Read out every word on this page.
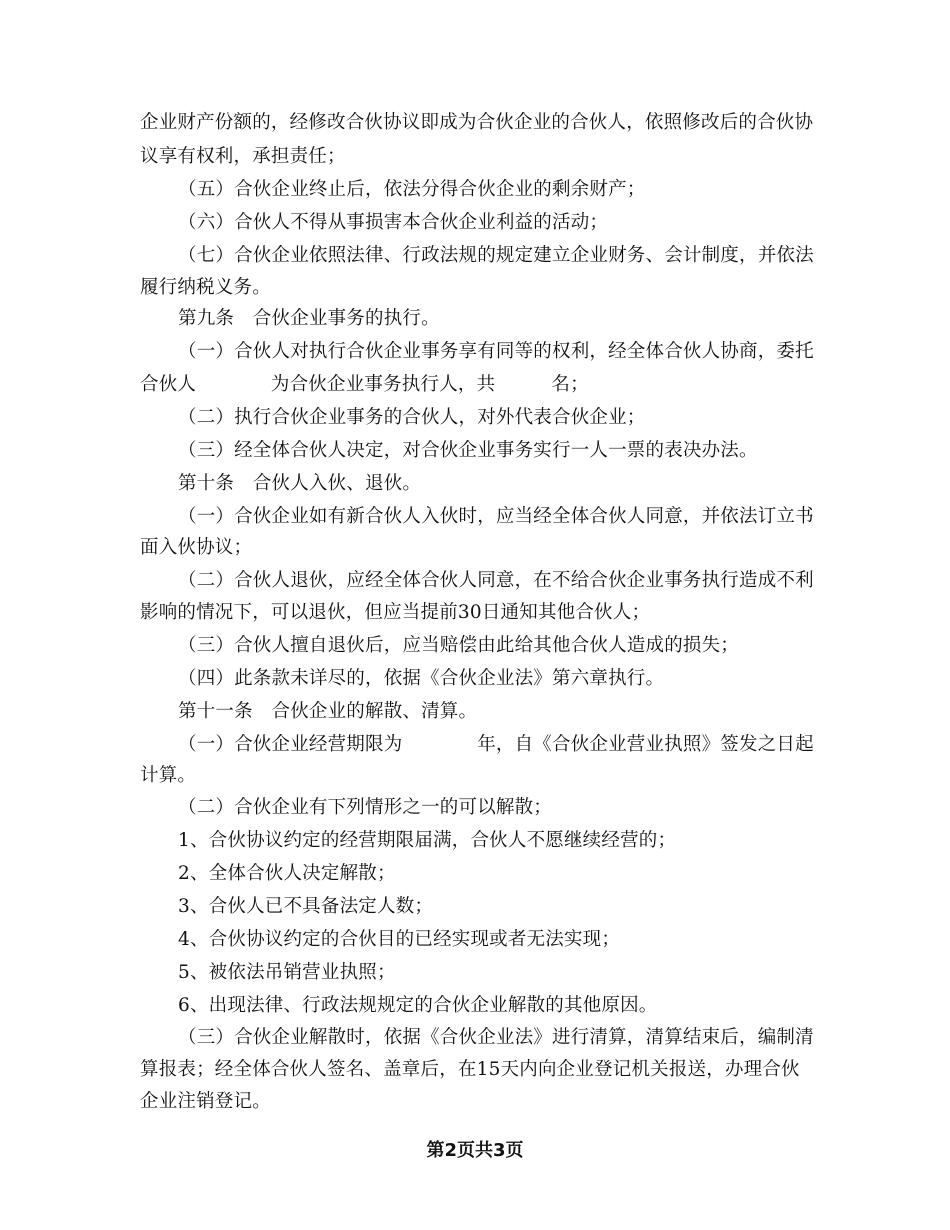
企业财产份额的，经修改合伙协议即成为合伙企业的合伙人，依照修改后的合伙协
议享有权利，承担责任；
（五）合伙企业终止后，依法分得合伙企业的剩余财产；
（六）合伙人不得从事损害本合伙企业利益的活动；
（七）合伙企业依照法律、行政法规的规定建立企业财务、会计制度，并依法
履行纳税义务。
第九条　合伙企业事务的执行。
（一）合伙人对执行合伙企业事务享有同等的权利，经全体合伙人协商，委托
合伙人　　　　为合伙企业事务执行人，共　　　名；
（二）执行合伙企业事务的合伙人，对外代表合伙企业；
（三）经全体合伙人决定，对合伙企业事务实行一人一票的表决办法。
第十条　合伙人入伙、退伙。
（一）合伙企业如有新合伙人入伙时，应当经全体合伙人同意，并依法订立书
面入伙协议；
（二）合伙人退伙，应经全体合伙人同意，在不给合伙企业事务执行造成不利
影响的情况下，可以退伙，但应当提前30日通知其他合伙人；
（三）合伙人擅自退伙后，应当赔偿由此给其他合伙人造成的损失；
（四）此条款未详尽的，依据《合伙企业法》第六章执行。
第十一条　合伙企业的解散、清算。
（一）合伙企业经营期限为　　　　年，自《合伙企业营业执照》签发之日起
计算。
（二）合伙企业有下列情形之一的可以解散；
1、合伙协议约定的经营期限届满，合伙人不愿继续经营的；
2、全体合伙人决定解散；
3、合伙人已不具备法定人数；
4、合伙协议约定的合伙目的已经实现或者无法实现；
5、被依法吊销营业执照；
6、出现法律、行政法规规定的合伙企业解散的其他原因。
（三）合伙企业解散时，依据《合伙企业法》进行清算，清算结束后，编制清
算报表；经全体合伙人签名、盖章后，在15天内向企业登记机关报送，办理合伙
企业注销登记。
第2页共3页
